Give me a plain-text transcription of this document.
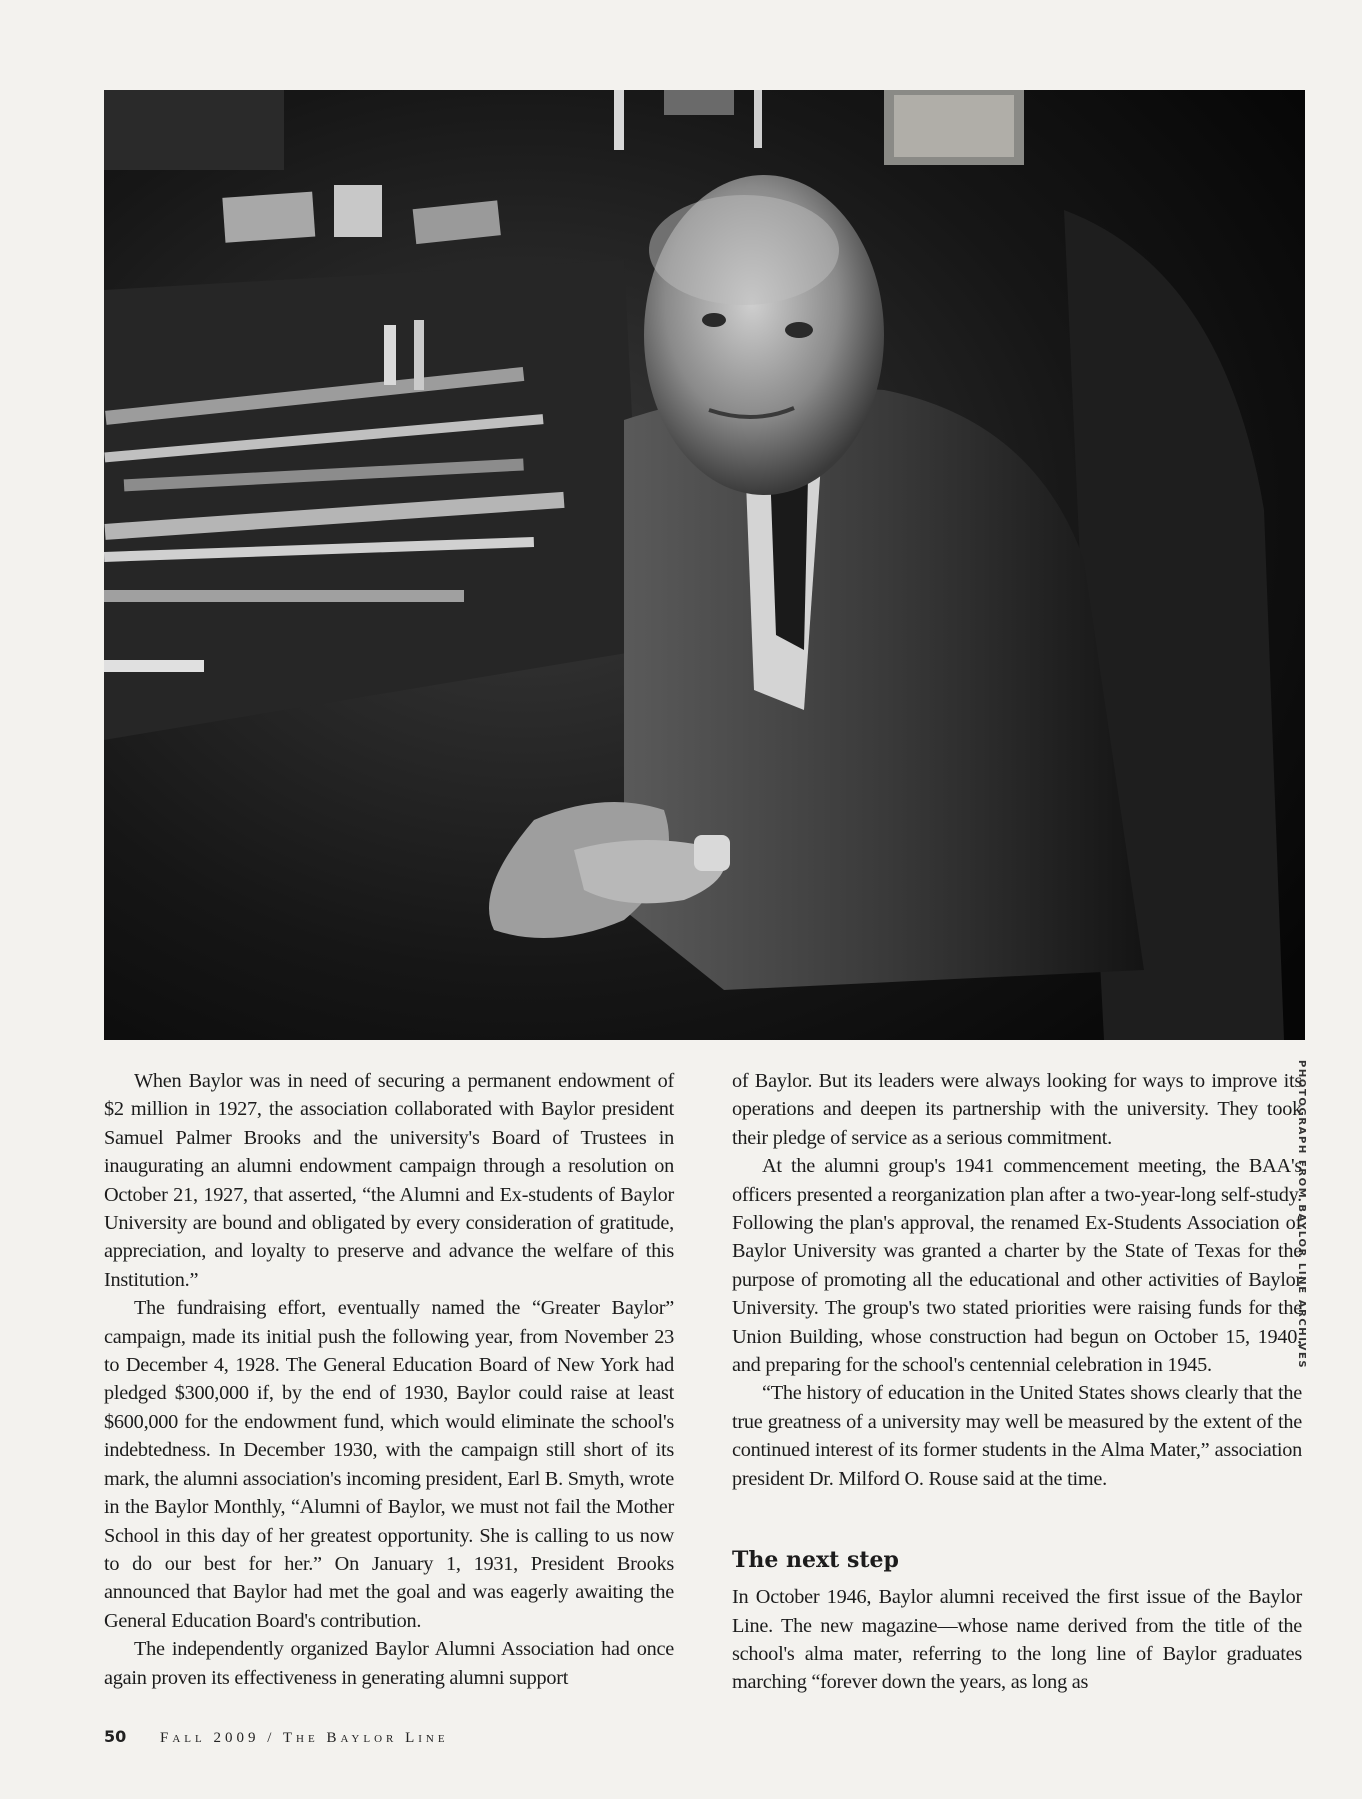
When Baylor was in need of securing a permanent endowment of $2 million in 1927, the association collaborated with Baylor president Samuel Palmer Brooks and the university's Board of Trustees in inaugurating an alumni endowment campaign through a resolution on October 21, 1927, that asserted, “the Alumni and Ex-students of Baylor University are bound and obligated by every consideration of gratitude, appreciation, and loyalty to preserve and advance the welfare of this Institution.”

The fundraising effort, eventually named the “Greater Baylor” campaign, made its initial push the following year, from November 23 to December 4, 1928. The General Education Board of New York had pledged $300,000 if, by the end of 1930, Baylor could raise at least $600,000 for the endowment fund, which would eliminate the school's indebtedness. In December 1930, with the campaign still short of its mark, the alumni association's incoming president, Earl B. Smyth, wrote in the Baylor Monthly, “Alumni of Baylor, we must not fail the Mother School in this day of her greatest opportunity. She is calling to us now to do our best for her.” On January 1, 1931, President Brooks announced that Baylor had met the goal and was eagerly awaiting the General Education Board's contribution.

The independently organized Baylor Alumni Association had once again proven its effectiveness in generating alumni support

of Baylor. But its leaders were always looking for ways to improve its operations and deepen its partnership with the university. They took their pledge of service as a serious commitment.

At the alumni group's 1941 commencement meeting, the BAA's officers presented a reorganization plan after a two-year-long self-study. Following the plan's approval, the renamed Ex-Students Association of Baylor University was granted a charter by the State of Texas for the purpose of promoting all the educational and other activities of Baylor University. The group's two stated priorities were raising funds for the Union Building, whose construction had begun on October 15, 1940, and preparing for the school's centennial celebration in 1945.

“The history of education in the United States shows clearly that the true greatness of a university may well be measured by the extent of the continued interest of its former students in the Alma Mater,” association president Dr. Milford O. Rouse said at the time.

The next step

In October 1946, Baylor alumni received the first issue of the Baylor Line. The new magazine—whose name derived from the title of the school's alma mater, referring to the long line of Baylor graduates marching “forever down the years, as long as

PHOTOGRAPH FROM BAYLOR LINE ARCHIVES
50 Fall 2009 / The Baylor Line
